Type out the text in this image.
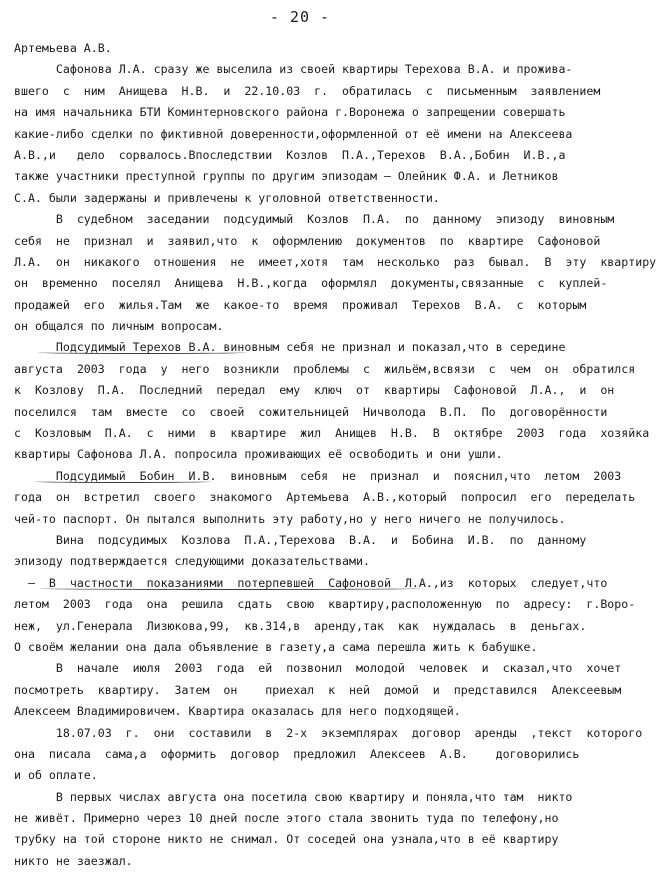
- 20 -
Артемьева А.В.
Сафонова Л.А. сразу же выселила из своей квартиры Терехова В.А. и прожива-
вшего  с  ним  Анищева  Н.В.  и  22.10.03  г.  обратилась  с  письменным  заявлением
на имя начальника БТИ Коминтерновского района г.Воронежа о запрещении совершать
какие-либо сделки по фиктивной доверенности,оформленной от её имени на Алексеева
А.В.,и   дело  сорвалось.Впоследствии  Козлов  П.А.,Терехов  В.А.,Бобин  И.В.,а
также участники преступной группы по другим эпизодам – Олейник Ф.А. и Летников
С.А. были задержаны и привлечены к уголовной ответственности.
В  судебном  заседании  подсудимый  Козлов  П.А.  по  данному  эпизоду  виновным
себя  не  признал  и  заявил,что  к  оформлению  документов  по  квартире  Сафоновой
Л.А.  он  никакого  отношения  не  имеет,хотя  там  несколько  раз  бывал.  В  эту  квартиру
он  временно  поселял  Анищева  Н.В.,когда  оформлял  документы,связанные  с  куплей-
продажей  его  жилья.Там  же  какое-то  время  проживал  Терехов  В.А.  с  которым
он общался по личным вопросам.
Подсудимый Терехов В.А. виновным себя не признал и показал,что в середине
августа  2003  года  у  него  возникли  проблемы  с  жильём,всвязи  с  чем  он  обратился
к  Козлову  П.А.  Последний  передал  ему  ключ  от  квартиры  Сафоновой  Л.А.,  и  он
поселился  там  вместе  со  своей  сожительницей  Ничволода  В.П.  По  договорённости
с  Козловым  П.А.  с  ними  в  квартире  жил  Анищев  Н.В.  В  октябре  2003  года  хозяйка
квартиры Сафонова Л.А. попросила проживающих её освободить и они ушли.
Подсудимый  Бобин  И.В.  виновным  себя  не  признал  и  пояснил,что  летом  2003
года  он  встретил  своего  знакомого  Артемьева  А.В.,который  попросил  его  переделать
чей-то паспорт. Он пытался выполнить эту работу,но у него ничего не получилось.
Вина  подсудимых  Козлова  П.А.,Терехова  В.А.  и  Бобина  И.В.  по  данному
эпизоду подтверждается следующими доказательствами.
—  В  частности  показаниями  потерпевшей  Сафоновой  Л.А.,из  которых  следует,что
летом  2003  года  она  решила  сдать  свою  квартиру,расположенную  по  адресу:  г.Воро-
неж,  ул.Генерала  Лизюкова,99,  кв.314,в  аренду,так  как  нуждалась  в  деньгах.
О своём желании она дала объявление в газету,а сама перешла жить к бабушке.
В  начале  июля  2003  года  ей  позвонил  молодой  человек  и  сказал,что  хочет
посмотреть  квартиру.  Затем  он    приехал  к  ней  домой  и  представился  Алексеевым
Алексеем Владимировичем. Квартира оказалась для него подходящей.
18.07.03  г.  они  составили  в  2-х  экземплярах  договор  аренды  ,текст  которого
она  писала  сама,а  оформить  договор  предложил  Алексеев  А.В.    договорились
и об оплате.
В первых числах августа она посетила свою квартиру и поняла,что там  никто
не живёт. Примерно через 10 дней после этого стала звонить туда по телефону,но
трубку на той стороне никто не снимал. От соседей она узнала,что в её квартиру
никто не заезжал.
